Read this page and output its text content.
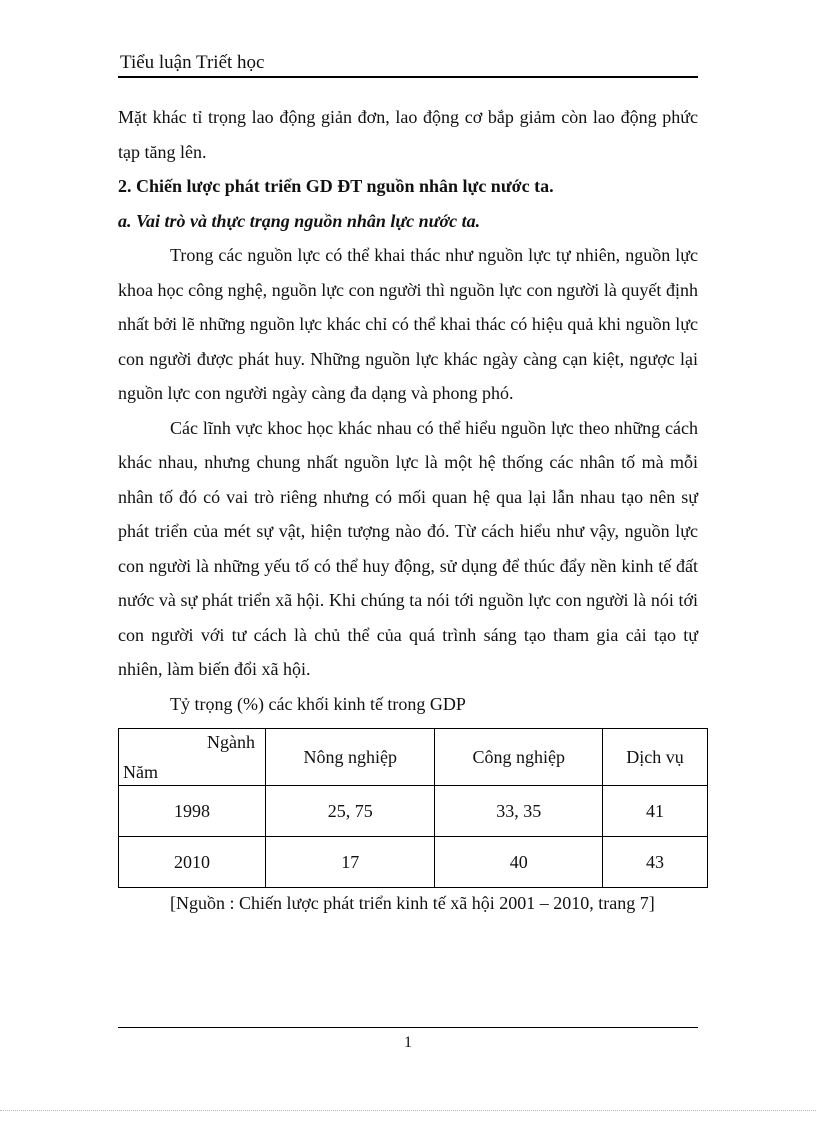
Tiểu luận Triết học

Mặt khác tỉ trọng lao động giản đơn, lao động cơ bắp giảm còn lao động phức tạp tăng lên.

2. Chiến lược phát triển GD ĐT nguồn nhân lực nước ta.

a. Vai trò và thực trạng nguồn nhân lực nước ta.

Trong các nguồn lực có thể khai thác như nguồn lực tự nhiên, nguồn lực khoa học công nghệ, nguồn lực con người thì nguồn lực con người là quyết định nhất bởi lẽ những nguồn lực khác chỉ có thể khai thác có hiệu quả khi nguồn lực con người được phát huy. Những nguồn lực khác ngày càng cạn kiệt, ngược lại nguồn lực con người ngày càng đa dạng và phong phó.

Các lĩnh vực khoc học khác nhau có thể hiểu nguồn lực theo những cách khác nhau, nhưng chung nhất nguồn lực là một hệ thống các nhân tố mà mỗi nhân tố đó có vai trò riêng nhưng có mối quan hệ qua lại lẫn nhau tạo nên sự phát triển của mét sự vật, hiện tượng nào đó. Từ cách hiểu như vậy, nguồn lực con người là những yếu tố có thể huy động, sử dụng để thúc đẩy nền kinh tế đất nước và sự phát triển xã hội. Khi chúng ta nói tới nguồn lực con người là nói tới con người với tư cách là chủ thể của quá trình sáng tạo tham gia cải tạo tự nhiên, làm biến đổi xã hội.

Tỷ trọng (%) các khối kinh tế trong GDP

Ngành
Năm	Nông nghiệp	Công nghiệp	Dịch vụ
1998	25, 75	33, 35	41
2010	17	40	43

[Nguồn : Chiến lược phát triển kinh tế xã hội 2001 – 2010, trang 7]

1
